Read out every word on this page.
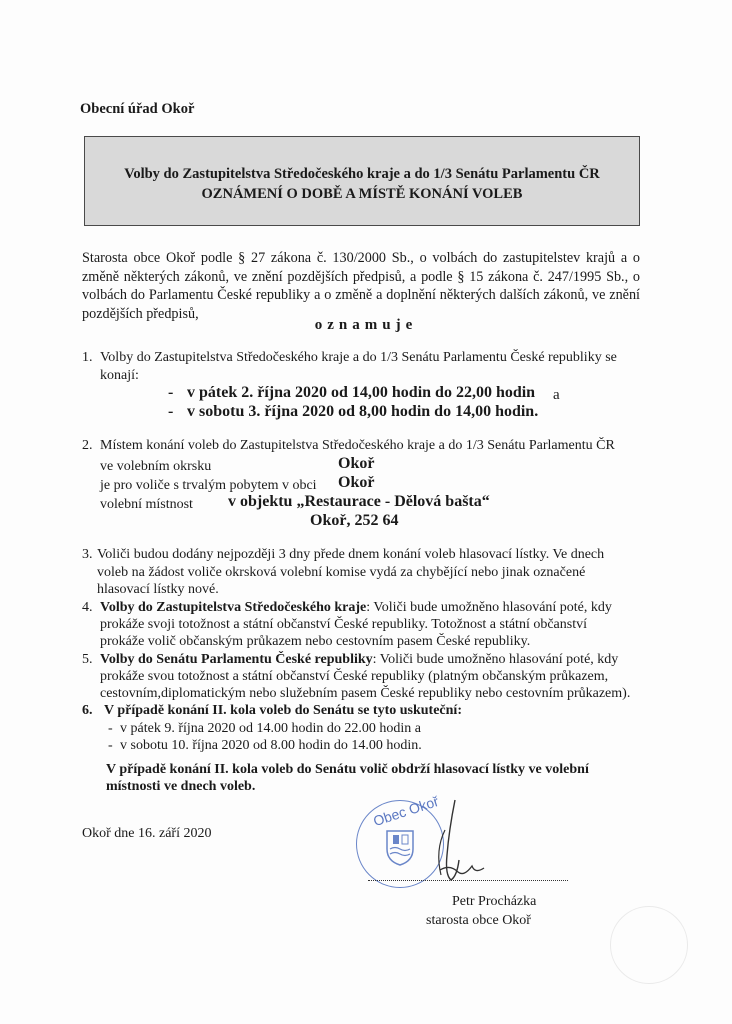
Obecní úřad Okoř
Volby do Zastupitelstva Středočeského kraje a do 1/3 Senátu Parlamentu ČR
OZNÁMENÍ O DOBĚ A MÍSTĚ KONÁNÍ VOLEB
Starosta obce Okoř podle § 27 zákona č. 130/2000 Sb., o volbách do zastupitelstev krajů a o
změně některých zákonů, ve znění pozdějších předpisů, a podle § 15 zákona č. 247/1995 Sb., o
volbách do Parlamentu České republiky a o změně a doplnění některých dalších zákonů, ve znění
pozdějších předpisů,
oznamuje
1. Volby do Zastupitelstva Středočeského kraje a do 1/3 Senátu Parlamentu České republiky se
konají:
- v pátek 2. října 2020 od 14,00 hodin do 22,00 hodin a
- v sobotu 3. října 2020 od 8,00 hodin do 14,00 hodin.
2. Místem konání voleb do Zastupitelstva Středočeského kraje a do 1/3 Senátu Parlamentu ČR
ve volebním okrsku	Okoř
je pro voliče s trvalým pobytem v obci Okoř
volební místnost v objektu „Restaurace - Dělová bašta“
Okoř, 252 64
3. Voliči budou dodány nejpozději 3 dny přede dnem konání voleb hlasovací lístky. Ve dnech
voleb na žádost voliče okrsková volební komise vydá za chybějící nebo jinak označené
hlasovací lístky nové.
4. Volby do Zastupitelstva Středočeského kraje: Voliči bude umožněno hlasování poté, kdy
prokáže svoji totožnost a státní občanství České republiky. Totožnost a státní občanství
prokáže volič občanským průkazem nebo cestovním pasem České republiky.
5. Volby do Senátu Parlamentu České republiky: Voliči bude umožněno hlasování poté, kdy
prokáže svou totožnost a státní občanství České republiky (platným občanským průkazem,
cestovním,diplomatickým nebo služebním pasem České republiky nebo cestovním průkazem).
6. V případě konání II. kola voleb do Senátu se tyto uskuteční:
- v pátek 9. října 2020 od 14.00 hodin do 22.00 hodin a
- v sobotu 10. října 2020 od 8.00 hodin do 14.00 hodin.
V případě konání II. kola voleb do Senátu volič obdrží hlasovací lístky ve volební
místnosti ve dnech voleb.
Okoř dne 16. září 2020
Obec Okoř
Petr Procházka
starosta obce Okoř
